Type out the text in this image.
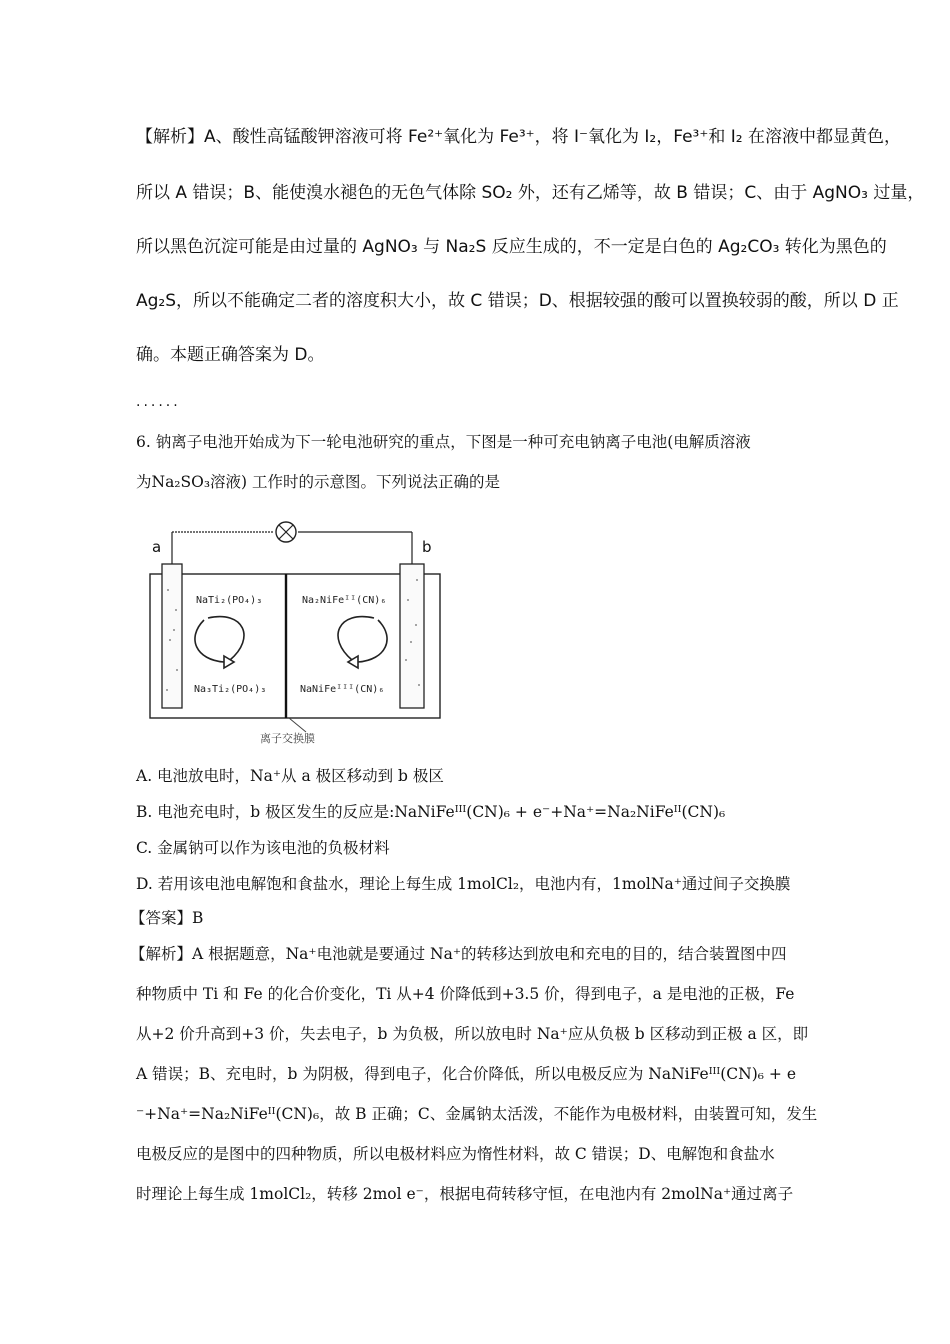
【解析】A、酸性高锰酸钾溶液可将 Fe²⁺氧化为 Fe³⁺，将 I⁻氧化为 I₂，Fe³⁺和 I₂ 在溶液中都显黄色，
所以 A 错误；B、能使溴水褪色的无色气体除 SO₂ 外，还有乙烯等，故 B 错误；C、由于 AgNO₃ 过量，
所以黑色沉淀可能是由过量的 AgNO₃ 与 Na₂S 反应生成的，不一定是白色的 Ag₂CO₃ 转化为黑色的
Ag₂S，所以不能确定二者的溶度积大小，故 C 错误；D、根据较强的酸可以置换较弱的酸，所以 D 正
确。本题正确答案为 D。
......
6. 钠离子电池开始成为下一轮电池研究的重点，下图是一种可充电钠离子电池(电解质溶液
为Na₂SO₃溶液) 工作时的示意图。下列说法正确的是
a	b
NaTi₂(PO₄)₃
Na₃Ti₂(PO₄)₃
Na₂NiFeᴵᴵ(CN)₆
NaNiFeᴵᴵᴵ(CN)₆
离子交换膜
A. 电池放电时，Na⁺从 a 极区移动到 b 极区
B. 电池充电时，b 极区发生的反应是:NaNiFeᴵᴵᴵ(CN)₆ + e⁻+Na⁺=Na₂NiFeᴵᴵ(CN)₆
C. 金属钠可以作为该电池的负极材料
D. 若用该电池电解饱和食盐水，理论上每生成 1molCl₂，电池内有，1molNa⁺通过间子交换膜
【答案】B
【解析】A 根据题意，Na⁺电池就是要通过 Na⁺的转移达到放电和充电的目的，结合装置图中四
种物质中 Ti 和 Fe 的化合价变化，Ti 从+4 价降低到+3.5 价，得到电子，a 是电池的正极，Fe
从+2 价升高到+3 价，失去电子，b 为负极，所以放电时 Na⁺应从负极 b 区移动到正极 a 区，即
A 错误；B、充电时，b 为阴极，得到电子，化合价降低，所以电极反应为 NaNiFeᴵᴵᴵ(CN)₆ + e
⁻+Na⁺=Na₂NiFeᴵᴵ(CN)₆，故 B 正确；C、金属钠太活泼，不能作为电极材料，由装置可知，发生
电极反应的是图中的四种物质，所以电极材料应为惰性材料，故 C 错误；D、电解饱和食盐水
时理论上每生成 1molCl₂，转移 2mol e⁻，根据电荷转移守恒，在电池内有 2molNa⁺通过离子
